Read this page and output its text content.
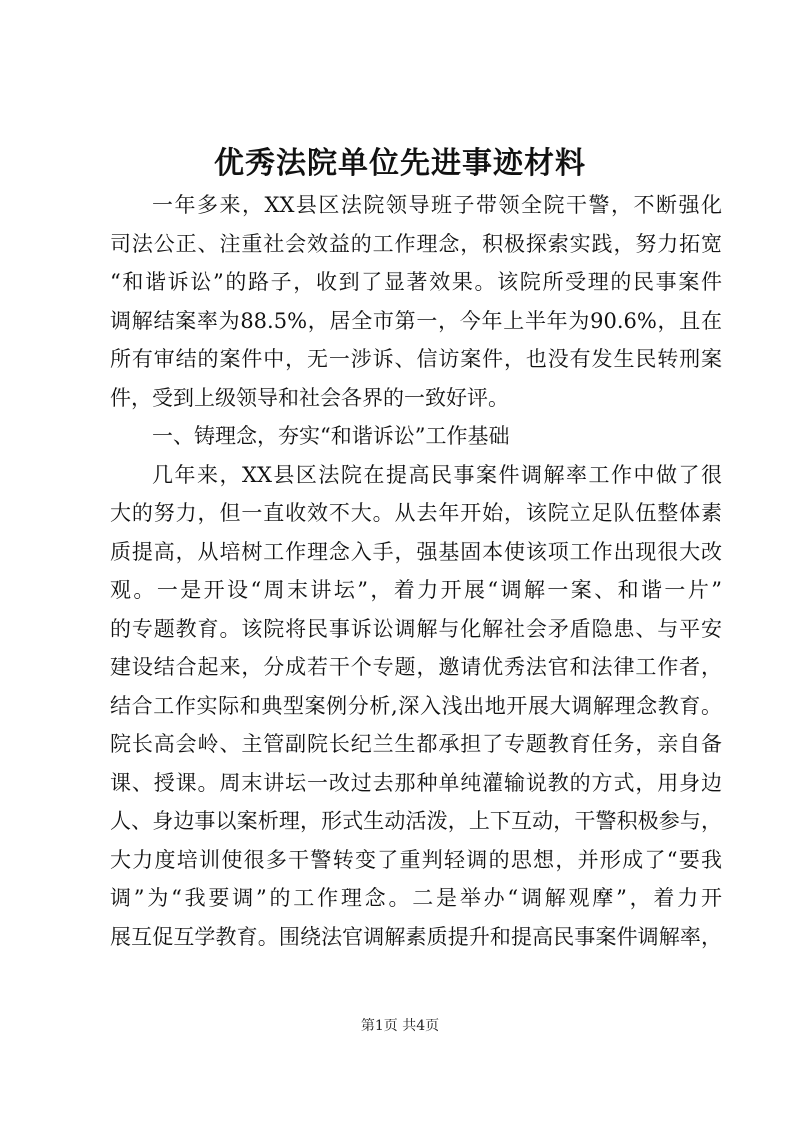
优秀法院单位先进事迹材料
一年多来，XX县区法院领导班子带领全院干警，不断强化
司法公正、注重社会效益的工作理念，积极探索实践，努力拓宽
“和谐诉讼”的路子，收到了显著效果。该院所受理的民事案件
调解结案率为88.5%，居全市第一，今年上半年为90.6%，且在
所有审结的案件中，无一涉诉、信访案件，也没有发生民转刑案
件，受到上级领导和社会各界的一致好评。
一、铸理念，夯实“和谐诉讼”工作基础
几年来，XX县区法院在提高民事案件调解率工作中做了很
大的努力，但一直收效不大。从去年开始，该院立足队伍整体素
质提高，从培树工作理念入手，强基固本使该项工作出现很大改
观。一是开设“周末讲坛”，着力开展“调解一案、和谐一片”
的专题教育。该院将民事诉讼调解与化解社会矛盾隐患、与平安
建设结合起来，分成若干个专题，邀请优秀法官和法律工作者，
结合工作实际和典型案例分析,深入浅出地开展大调解理念教育。
院长高会岭、主管副院长纪兰生都承担了专题教育任务，亲自备
课、授课。周末讲坛一改过去那种单纯灌输说教的方式，用身边
人、身边事以案析理，形式生动活泼，上下互动，干警积极参与，
大力度培训使很多干警转变了重判轻调的思想，并形成了“要我
调”为“我要调”的工作理念。二是举办“调解观摩”，着力开
展互促互学教育。围绕法官调解素质提升和提高民事案件调解率，
第1页 共4页
